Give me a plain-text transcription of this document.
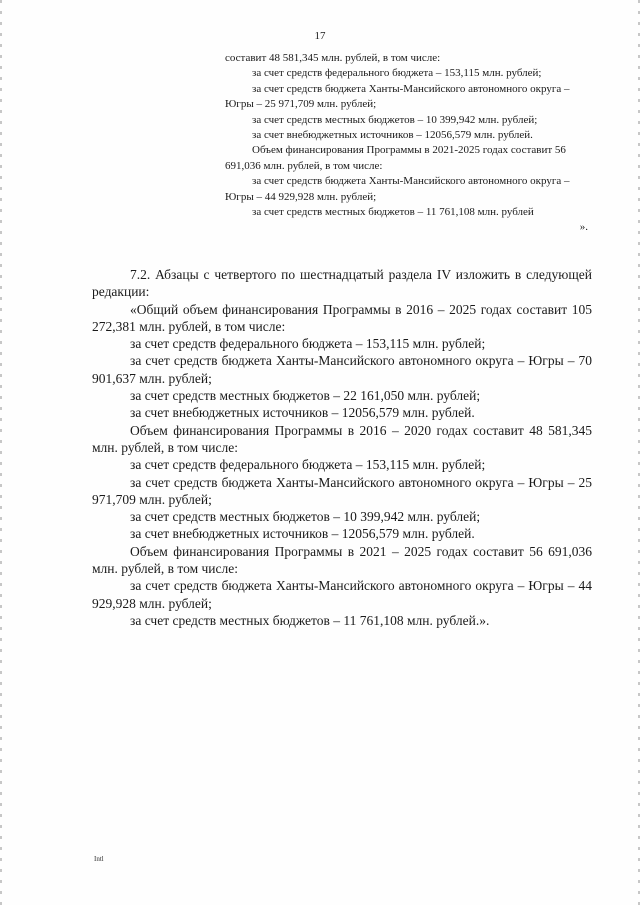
17

составит 48 581,345 млн. рублей, в том числе:

за счет средств федерального бюджета – 153,115 млн. рублей;

за счет средств бюджета Ханты-Мансийского автономного округа – Югры – 25 971,709 млн. рублей;

за счет средств местных бюджетов – 10 399,942 млн. рублей;

за счет внебюджетных источников – 12056,579 млн. рублей.

Объем финансирования Программы в 2021-2025 годах составит 56 691,036 млн. рублей, в том числе:

за счет средств бюджета Ханты-Мансийского автономного округа – Югры – 44 929,928 млн. рублей;

за счет средств местных бюджетов – 11 761,108 млн. рублей

».

7.2. Абзацы с четвертого по шестнадцатый раздела IV изложить в следующей редакции:

«Общий объем финансирования Программы в 2016 – 2025 годах составит 105 272,381 млн. рублей, в том числе:

за счет средств федерального бюджета – 153,115 млн. рублей;

за счет средств бюджета Ханты-Мансийского автономного округа – Югры – 70 901,637 млн. рублей;

за счет средств местных бюджетов – 22 161,050 млн. рублей;

за счет внебюджетных источников – 12056,579 млн. рублей.

Объем финансирования Программы в 2016 – 2020 годах составит 48 581,345 млн. рублей, в том числе:

за счет средств федерального бюджета – 153,115 млн. рублей;

за счет средств бюджета Ханты-Мансийского автономного округа – Югры – 25 971,709 млн. рублей;

за счет средств местных бюджетов – 10 399,942 млн. рублей;

за счет внебюджетных источников – 12056,579 млн. рублей.

Объем финансирования Программы в 2021 – 2025 годах составит 56 691,036 млн. рублей, в том числе:

за счет средств бюджета Ханты-Мансийского автономного округа – Югры – 44 929,928 млн. рублей;

за счет средств местных бюджетов – 11 761,108 млн. рублей.».

Intl
